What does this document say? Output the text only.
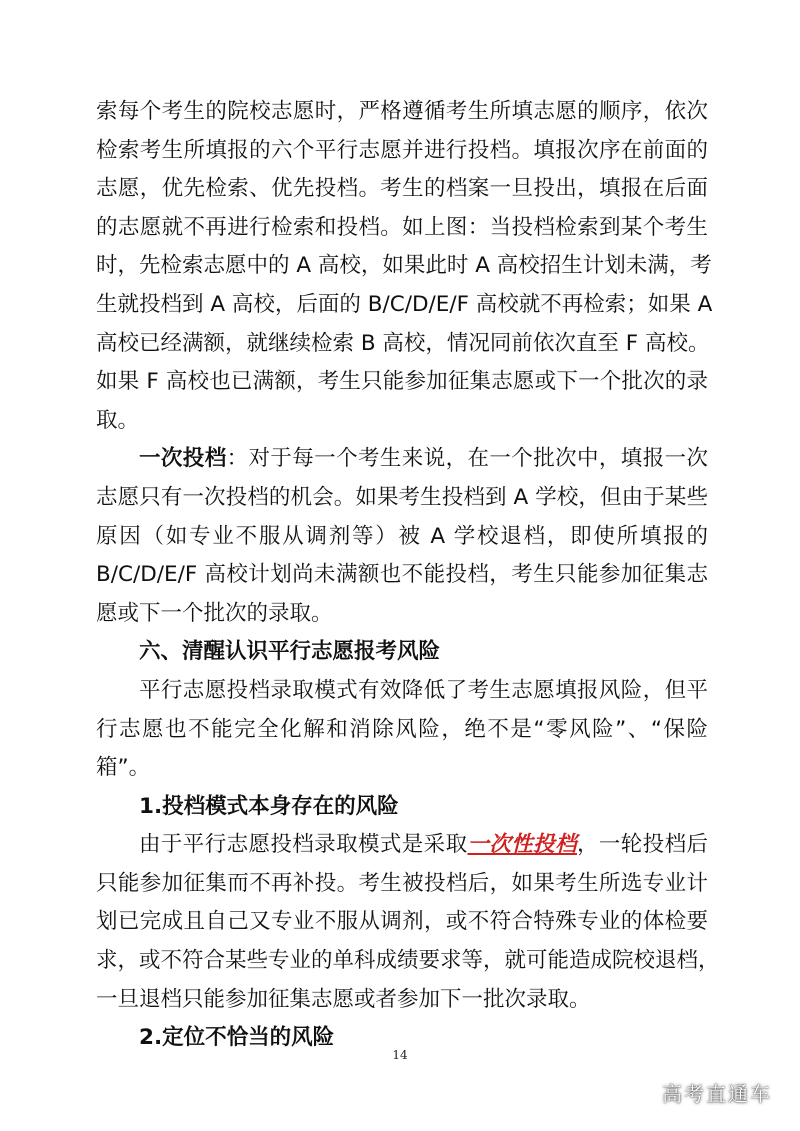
索每个考生的院校志愿时，严格遵循考生所填志愿的顺序，依次
检索考生所填报的六个平行志愿并进行投档。填报次序在前面的
志愿，优先检索、优先投档。考生的档案一旦投出，填报在后面
的志愿就不再进行检索和投档。如上图：当投档检索到某个考生
时，先检索志愿中的 A 高校，如果此时 A 高校招生计划未满，考
生就投档到 A 高校，后面的 B/C/D/E/F 高校就不再检索；如果 A
高校已经满额，就继续检索 B 高校，情况同前依次直至 F 高校。
如果 F 高校也已满额，考生只能参加征集志愿或下一个批次的录
取。
一次投档：对于每一个考生来说，在一个批次中，填报一次
志愿只有一次投档的机会。如果考生投档到 A 学校，但由于某些
原因（如专业不服从调剂等）被 A 学校退档，即使所填报的
B/C/D/E/F 高校计划尚未满额也不能投档，考生只能参加征集志
愿或下一个批次的录取。
六、清醒认识平行志愿报考风险
平行志愿投档录取模式有效降低了考生志愿填报风险，但平
行志愿也不能完全化解和消除风险，绝不是“零风险”、“保险
箱”。
1.投档模式本身存在的风险
由于平行志愿投档录取模式是采取一次性投档，一轮投档后
只能参加征集而不再补投。考生被投档后，如果考生所选专业计
划已完成且自己又专业不服从调剂，或不符合特殊专业的体检要
求，或不符合某些专业的单科成绩要求等，就可能造成院校退档，
一旦退档只能参加征集志愿或者参加下一批次录取。
2.定位不恰当的风险
14
高考直通车
